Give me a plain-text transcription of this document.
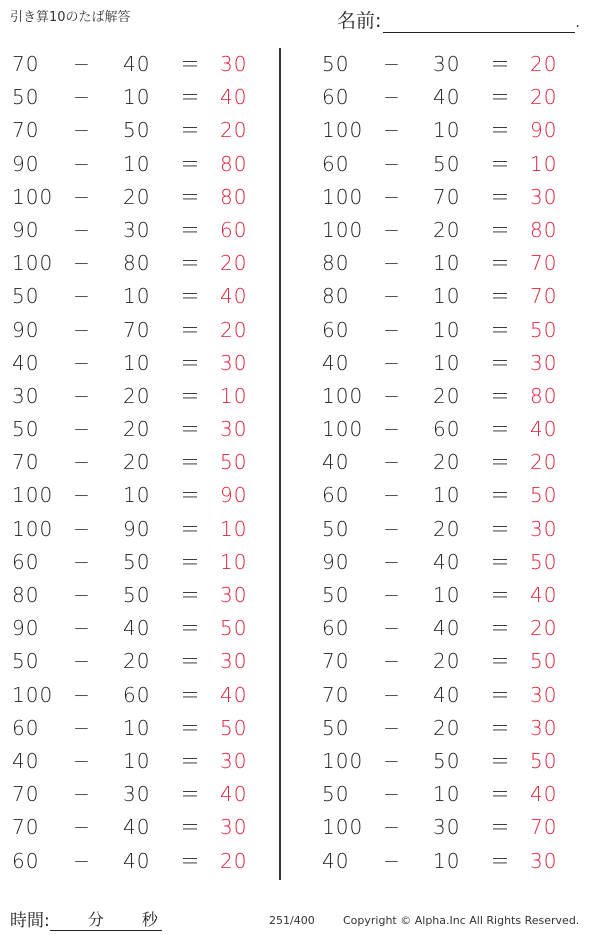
引き算10のたば解答	名前:	.
70	− 40	＝ 30
50	− 10	＝ 40
70	− 50	＝ 20
90	− 10	＝ 80
100 − 20	＝ 80
90	− 30	＝ 60
100 − 80	＝ 20
50	− 10	＝ 40
90	− 70	＝ 20
40	− 10	＝ 30
30	− 20	＝ 10
50	− 20	＝ 30
70	− 20	＝ 50
100 − 10	＝ 90
100 − 90	＝ 10
60	− 50	＝ 10
80	− 50	＝ 30
90	− 40	＝ 50
50	− 20	＝ 30
100 − 60	＝ 40
60	− 10	＝ 50
40	− 10	＝ 30
70	− 30	＝ 40
70	− 40	＝ 30
60	− 40	＝ 20
50	− 30	＝ 20
60	− 40	＝ 20
100 − 10	＝ 90
60	− 50	＝ 10
100 − 70	＝ 30
100 − 20	＝ 80
80	− 10	＝ 70
80	− 10	＝ 70
60	− 10	＝ 50
40	− 10	＝ 30
100 − 20	＝ 80
100 − 60	＝ 40
40	− 20	＝ 20
60	− 10	＝ 50
50	− 20	＝ 30
90	− 40	＝ 50
50	− 10	＝ 40
60	− 40	＝ 20
70	− 20	＝ 50
70	− 40	＝ 30
50	− 20	＝ 30
100 − 50	＝ 50
50	− 10	＝ 40
100 − 30	＝ 70
40	− 10	＝ 30
時間: 分 秒	251/400	Copyright © Alpha.Inc All Rights Reserved.
